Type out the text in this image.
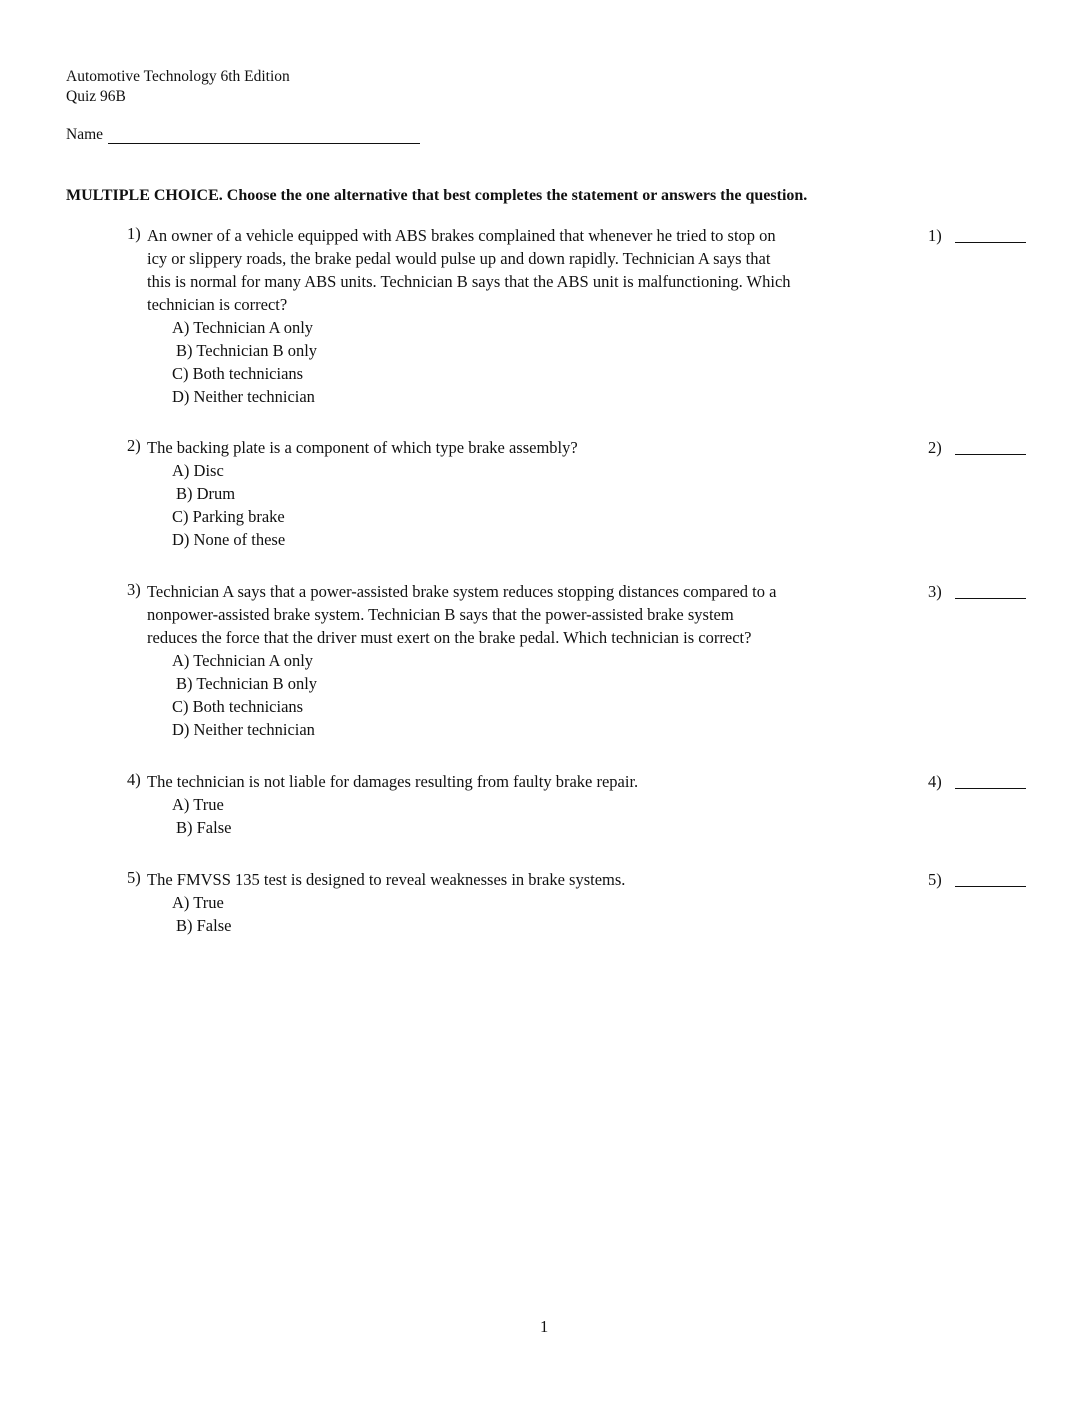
Automotive Technology 6th Edition
Quiz 96B
Name
MULTIPLE CHOICE. Choose the one alternative that best completes the statement or answers the question.
1) An owner of a vehicle equipped with ABS brakes complained that whenever he tried to stop on
icy or slippery roads, the brake pedal would pulse up and down rapidly. Technician A says that
this is normal for many ABS units. Technician B says that the ABS unit is malfunctioning. Which
technician is correct?
A) Technician A only
B) Technician B only
C) Both technicians
D) Neither technician
1)
2) The backing plate is a component of which type brake assembly?
A) Disc
B) Drum
C) Parking brake
D) None of these
2)
3) Technician A says that a power-assisted brake system reduces stopping distances compared to a
nonpower-assisted brake system. Technician B says that the power-assisted brake system
reduces the force that the driver must exert on the brake pedal. Which technician is correct?
A) Technician A only
B) Technician B only
C) Both technicians
D) Neither technician
3)
4) The technician is not liable for damages resulting from faulty brake repair.
A) True
B) False
4)
5) The FMVSS 135 test is designed to reveal weaknesses in brake systems.
A) True
B) False
5)
1
